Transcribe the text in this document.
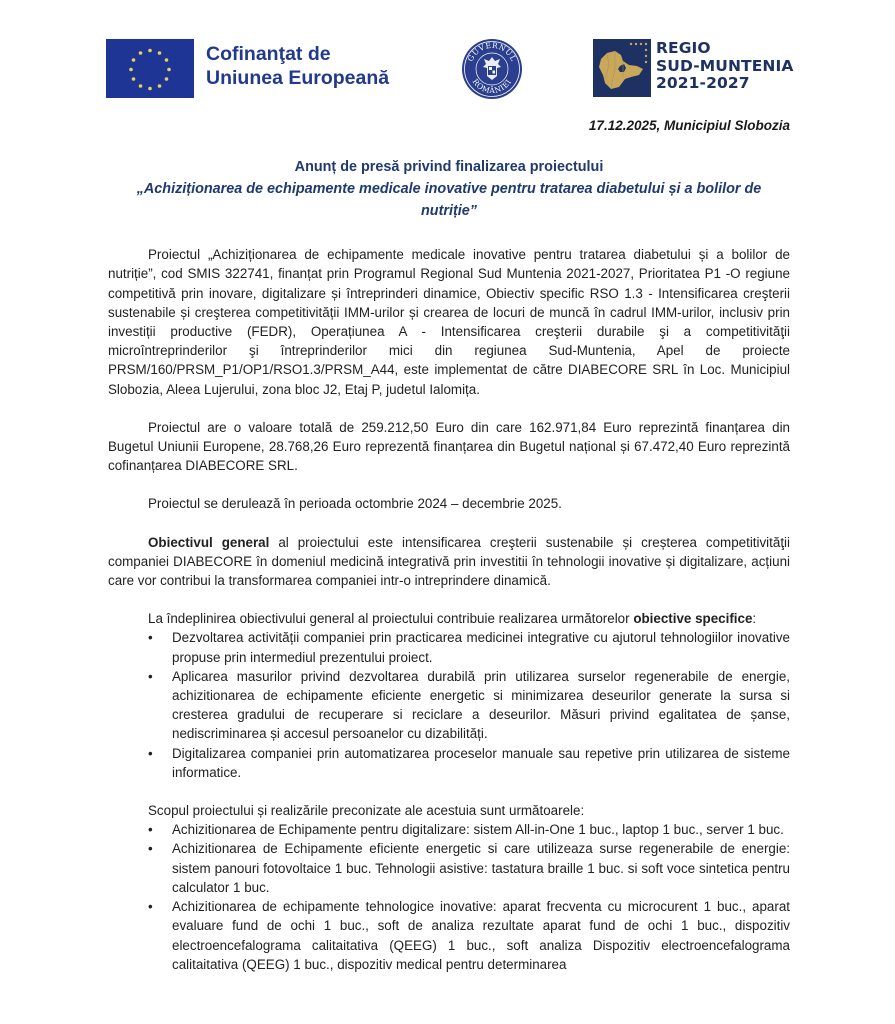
Cofinanţat de
Uniunea Europeană
GUVERNUL
ROMÂNIEI
REGIO
SUD-MUNTENIA
2021-2027
17.12.2025, Municipiul Slobozia
Anunț de presă privind finalizarea proiectului
„Achiziționarea de echipamente medicale inovative pentru tratarea diabetului și a bolilor de nutriție”

Proiectul „Achiziționarea de echipamente medicale inovative pentru tratarea diabetului și a bolilor de nutriție”, cod SMIS 322741, finanțat prin Programul Regional Sud Muntenia 2021-2027, Prioritatea P1 -O regiune competitivă prin inovare, digitalizare și întreprinderi dinamice, Obiectiv specific RSO 1.3 - Intensificarea creşterii sustenabile și creşterea competitivității IMM-urilor și crearea de locuri de muncă în cadrul IMM-urilor, inclusiv prin investiții productive (FEDR), Operațiunea A - Intensificarea creşterii durabile şi a competitivităţii microîntreprinderilor şi întreprinderilor mici din regiunea Sud-Muntenia, Apel de proiecte PRSM/160/PRSM_P1/OP1/RSO1.3/PRSM_A44, este implementat de către DIABECORE SRL în Loc. Municipiul Slobozia, Aleea Lujerului, zona bloc J2, Etaj P, judetul Ialomița.

Proiectul are o valoare totală de 259.212,50 Euro din care 162.971,84 Euro reprezintă finanțarea din Bugetul Uniunii Europene, 28.768,26 Euro reprezentă finanțarea din Bugetul național și 67.472,40 Euro reprezintă cofinanțarea DIABECORE SRL.

Proiectul se derulează în perioada octombrie 2024 – decembrie 2025.

Obiectivul general al proiectului este intensificarea creşterii sustenabile și creșterea competitivităţii companiei DIABECORE în domeniul medicină integrativă prin investitii în tehnologii inovative și digitalizare, acțiuni care vor contribui la transformarea companiei intr-o intreprindere dinamică.

La îndeplinirea obiectivului general al proiectului contribuie realizarea următorelor obiective specifice:

• Dezvoltarea activității companiei prin practicarea medicinei integrative cu ajutorul tehnologiilor inovative propuse prin intermediul prezentului proiect.
• Aplicarea masurilor privind dezvoltarea durabilă prin utilizarea surselor regenerabile de energie, achizitionarea de echipamente eficiente energetic si minimizarea deseurilor generate la sursa si cresterea gradului de recuperare si reciclare a deseurilor. Măsuri privind egalitatea de șanse, nediscriminarea și accesul persoanelor cu dizabilități.
• Digitalizarea companiei prin automatizarea proceselor manuale sau repetive prin utilizarea de sisteme informatice.

Scopul proiectului și realizările preconizate ale acestuia sunt următoarele:

• Achizitionarea de Echipamente pentru digitalizare: sistem All-in-One 1 buc., laptop 1 buc., server 1 buc.
• Achizitionarea de Echipamente eficiente energetic si care utilizeaza surse regenerabile de energie: sistem panouri fotovoltaice 1 buc. Tehnologii asistive: tastatura braille 1 buc. si soft voce sintetica pentru calculator 1 buc.
• Achizitionarea de echipamente tehnologice inovative: aparat frecventa cu microcurent 1 buc., aparat evaluare fund de ochi 1 buc., soft de analiza rezultate aparat fund de ochi 1 buc., dispozitiv electroencefalograma calitaitativa (QEEG) 1 buc., soft analiza Dispozitiv electroencefalograma calitaitativa (QEEG) 1 buc., dispozitiv medical pentru determinarea
